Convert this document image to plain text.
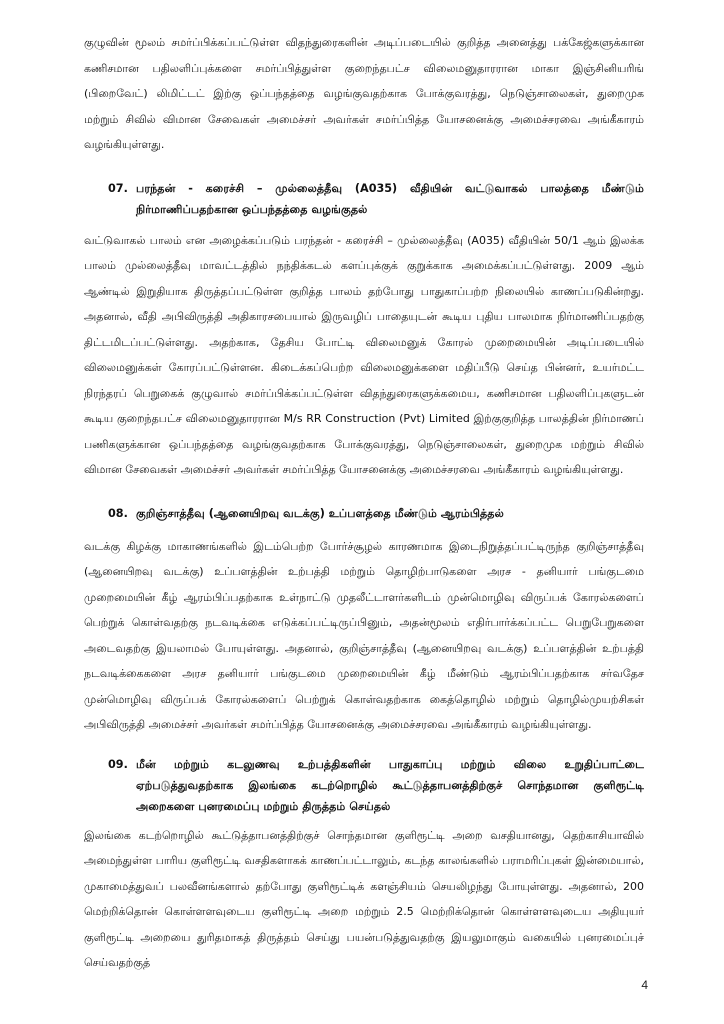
குழுவின் மூலம் சமர்ப்பிக்கப்பட்டுள்ள விதந்துரைகளின் அடிப்படையில் குறித்த அனைத்து பக்கேஜ்களுக்கான கணிசமான பதிலளிப்புக்களை சமர்ப்பித்துள்ள குறைந்தபட்ச விலைமனுதாரரான மாகா இஞ்சினியரிங் (பிறைவேட்) லிமிட்டட் இற்கு ஒப்பந்தத்தை வழங்குவதற்காக போக்குவரத்து, நெடுஞ்சாலைகள், துறைமுக மற்றும் சிவில் விமான சேவைகள் அமைச்சர் அவர்கள் சமர்ப்பித்த யோசனைக்கு அமைச்சரவை அங்கீகாரம் வழங்கியுள்ளது.

07. பரந்தன் - கரைச்சி – முல்லைத்தீவு (A035) வீதியின் வட்டுவாகல் பாலத்தை மீண்டும் நிர்மாணிப்பதற்கான ஒப்பந்தத்தை வழங்குதல்

வட்டுவாகல் பாலம் என அழைக்கப்படும் பரந்தன் - கரைச்சி – முல்லைத்தீவு (A035) வீதியின் 50/1 ஆம் இலக்க பாலம் முல்லைத்தீவு மாவட்டத்தில் நந்திக்கடல் களப்புக்குக் குறுக்காக அமைக்கப்பட்டுள்ளது. 2009 ஆம் ஆண்டில் இறுதியாக திருத்தப்பட்டுள்ள குறித்த பாலம் தற்போது பாதுகாப்பற்ற நிலையில் காணப்படுகின்றது. அதனால், வீதி அபிவிருத்தி அதிகாரசபையால் இருவழிப் பாதையுடன் கூடிய புதிய பாலமாக நிர்மாணிப்பதற்கு திட்டமிடப்பட்டுள்ளது. அதற்காக, தேசிய போட்டி விலைமனுக் கோரல் முறைமையின் அடிப்படையில் விலைமனுக்கள் கோரப்பட்டுள்ளன. கிடைக்கப்பெற்ற விலைமனுக்களை மதிப்பீடு செய்த பின்னர், உயர்மட்ட நிரந்தரப் பெறுகைக் குழுவால் சமர்ப்பிக்கப்பட்டுள்ள விதந்துரைகளுக்கமைய, கணிசமான பதிலளிப்புகளுடன் கூடிய குறைந்தபட்ச விலைமனுதாரரான M/s RR Construction (Pvt) Limited இற்குகுறித்த பாலத்தின் நிர்மாணப் பணிகளுக்கான ஒப்பந்தத்தை வழங்குவதற்காக போக்குவரத்து, நெடுஞ்சாலைகள், துறைமுக மற்றும் சிவில் விமான சேவைகள் அமைச்சர் அவர்கள் சமர்ப்பித்த யோசனைக்கு அமைச்சரவை அங்கீகாரம் வழங்கியுள்ளது.

08. குறிஞ்சாத்தீவு (ஆனையிறவு வடக்கு) உப்பளத்தை மீண்டும் ஆரம்பித்தல்

வடக்கு கிழக்கு மாகாணங்களில் இடம்பெற்ற போர்ச்சூழல் காரணமாக இடைநிறுத்தப்பட்டிருந்த குறிஞ்சாத்தீவு (ஆனையிறவு வடக்கு) உப்பளத்தின் உற்பத்தி மற்றும் தொழிற்பாடுகளை அரச - தனியார் பங்குடமை முறைமையின் கீழ் ஆரம்பிப்பதற்காக உள்நாட்டு முதலீட்டாளர்களிடம் முன்மொழிவு விருப்பக் கோரல்களைப் பெற்றுக் கொள்வதற்கு நடவடிக்கை எடுக்கப்பட்டிருப்பினும், அதன்மூலம் எதிர்பார்க்கப்பட்ட பெறுபேறுகளை அடைவதற்கு இயலாமல் போயுள்ளது. அதனால், குறிஞ்சாத்தீவு (ஆனையிறவு வடக்கு) உப்பளத்தின் உற்பத்தி நடவடிக்கைகளை அரச தனியார் பங்குடமை முறைமையின் கீழ் மீண்டும் ஆரம்பிப்பதற்காக சர்வதேச முன்மொழிவு விருப்பக் கோரல்களைப் பெற்றுக் கொள்வதற்காக கைத்தொழில் மற்றும் தொழில்முயற்சிகள் அபிவிருத்தி அமைச்சர் அவர்கள் சமர்ப்பித்த யோசனைக்கு அமைச்சரவை அங்கீகாரம் வழங்கியுள்ளது.

09. மீன் மற்றும் கடலுணவு உற்பத்திகளின் பாதுகாப்பு மற்றும் விலை உறுதிப்பாட்டை ஏற்படுத்துவதற்காக இலங்கை கடற்றொழில் கூட்டுத்தாபனத்திற்குச் சொந்தமான குளிரூட்டி அறைகளை புனரமைப்பு மற்றும் திருத்தம் செய்தல்

இலங்கை கடற்றொழில் கூட்டுத்தாபனத்திற்குச் சொந்தமான குளிரூட்டி அறை வசதியானது, தெற்காசியாவில் அமைந்துள்ள பாரிய குளிரூட்டி வசதிகளாகக் காணப்பட்டாலும், கடந்த காலங்களில் பராமரிப்புகள் இன்மையால், முகாமைத்துவப் பலவீனங்களால் தற்போது குளிரூட்டிக் களஞ்சியம் செயலிழந்து போயுள்ளது. அதனால், 200 மெற்றிக்தொன் கொள்ளளவுடைய குளிரூட்டி அறை மற்றும் 2.5 மெற்றிக்தொன் கொள்ளளவுடைய அதியுயர் குளிரூட்டி அறையை துரிதமாகத் திருத்தம் செய்து பயன்படுத்துவதற்கு இயலுமாகும் வகையில் புனரமைப்புச் செய்வதற்குத்

4
